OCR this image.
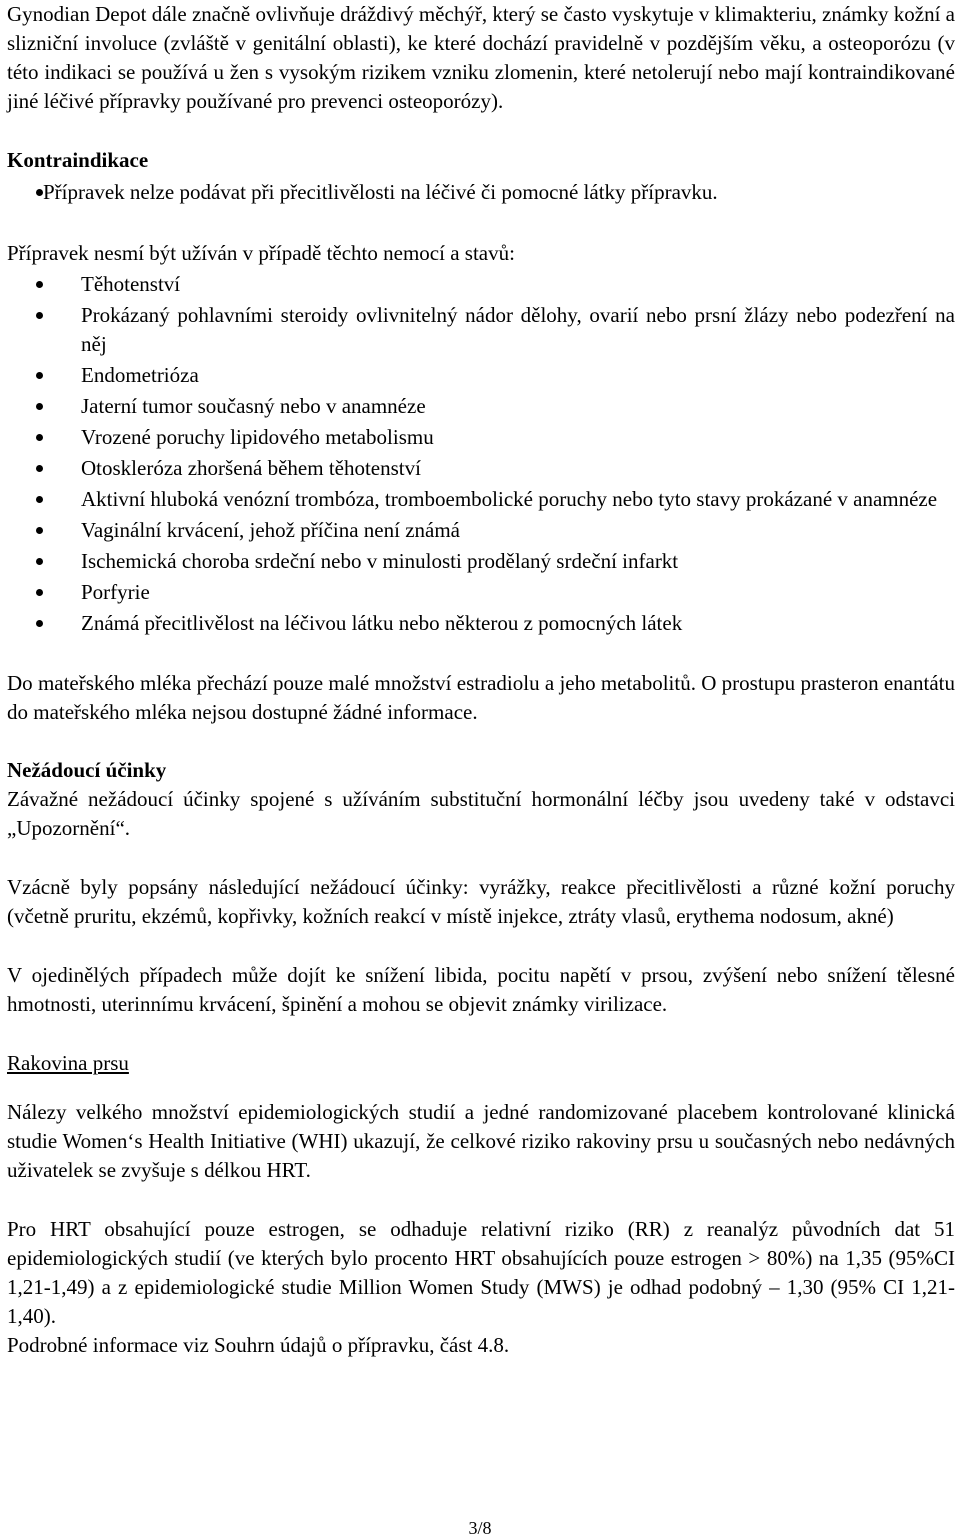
Gynodian Depot dále značně ovlivňuje dráždivý měchýř, který se často vyskytuje v klimakteriu, známky kožní a slizniční involuce (zvláště v genitální oblasti), ke které dochází pravidelně v pozdějším věku, a osteoporózu (v této indikaci se používá u žen s vysokým rizikem vzniku zlomenin, které netolerují nebo mají kontraindikované jiné léčivé přípravky používané pro prevenci osteoporózy).

Kontraindikace
Přípravek nelze podávat při přecitlivělosti na léčivé či pomocné látky přípravku.

Přípravek nesmí být užíván v případě těchto nemocí a stavů:

Těhotenství
Prokázaný pohlavními steroidy ovlivnitelný nádor dělohy, ovarií nebo prsní žlázy nebo podezření na něj
Endometrióza
Jaterní tumor současný nebo v anamnéze
Vrozené poruchy lipidového metabolismu
Otoskleróza zhoršená během těhotenství
Aktivní hluboká venózní trombóza, tromboembolické poruchy nebo tyto stavy prokázané v anamnéze
Vaginální krvácení, jehož příčina není známá
Ischemická choroba srdeční nebo v minulosti prodělaný srdeční infarkt
Porfyrie
Známá přecitlivělost na léčivou látku nebo některou z pomocných látek

Do mateřského mléka přechází pouze malé množství estradiolu a jeho metabolitů. O prostupu prasteron enantátu do mateřského mléka nejsou dostupné žádné informace.

Nežádoucí účinky

Závažné nežádoucí účinky spojené s užíváním substituční hormonální léčby jsou uvedeny také v odstavci „Upozornění“.

Vzácně byly popsány následující nežádoucí účinky: vyrážky, reakce přecitlivělosti a různé kožní poruchy (včetně pruritu, ekzémů, kopřivky, kožních reakcí v místě injekce, ztráty vlasů, erythema nodosum, akné)

V ojedinělých případech může dojít ke snížení libida, pocitu napětí v prsou, zvýšení nebo snížení tělesné hmotnosti, uterinnímu krvácení, špinění a mohou se objevit známky virilizace.

Rakovina prsu

Nálezy velkého množství epidemiologických studií a jedné randomizované placebem kontrolované klinická studie Women‘s Health Initiative (WHI) ukazují, že celkové riziko rakoviny prsu u současných nebo nedávných uživatelek se zvyšuje s délkou HRT.

Pro HRT obsahující pouze estrogen, se odhaduje relativní riziko (RR) z reanalýz původních dat 51 epidemiologických studií (ve kterých bylo procento HRT obsahujících pouze estrogen > 80%) na 1,35 (95%CI 1,21-1,49) a z epidemiologické studie Million Women Study (MWS) je odhad podobný – 1,30 (95% CI 1,21-1,40).

Podrobné informace viz Souhrn údajů o přípravku, část 4.8.

3/8
